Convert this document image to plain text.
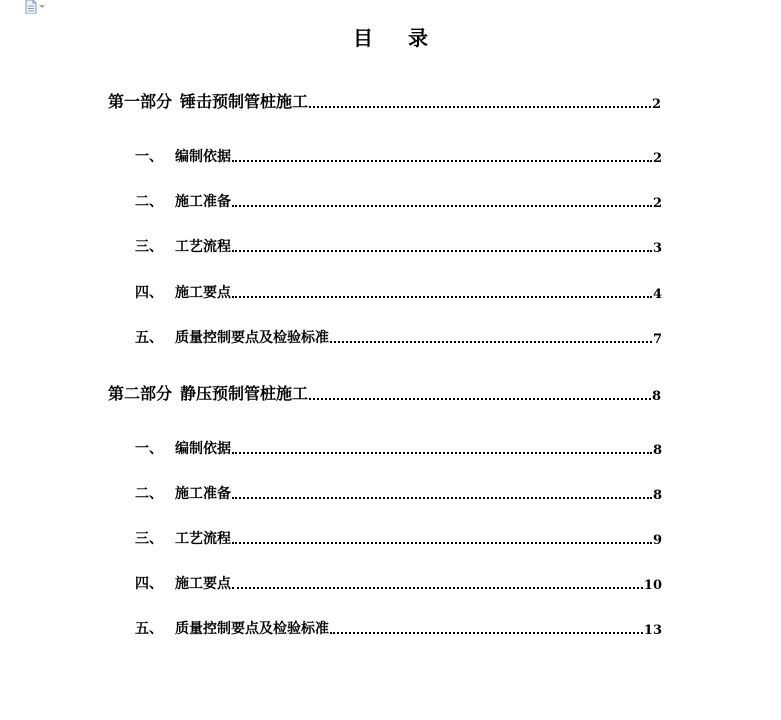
目 录
第一部分 锤击预制管桩施工	2
一、 编制依据	2
二、 施工准备	2
三、 工艺流程	3
四、 施工要点	4
五、 质量控制要点及检验标准	7
第二部分 静压预制管桩施工	8
一、 编制依据	8
二、 施工准备	8
三、 工艺流程	9
四、 施工要点	10
五、 质量控制要点及检验标准	13
